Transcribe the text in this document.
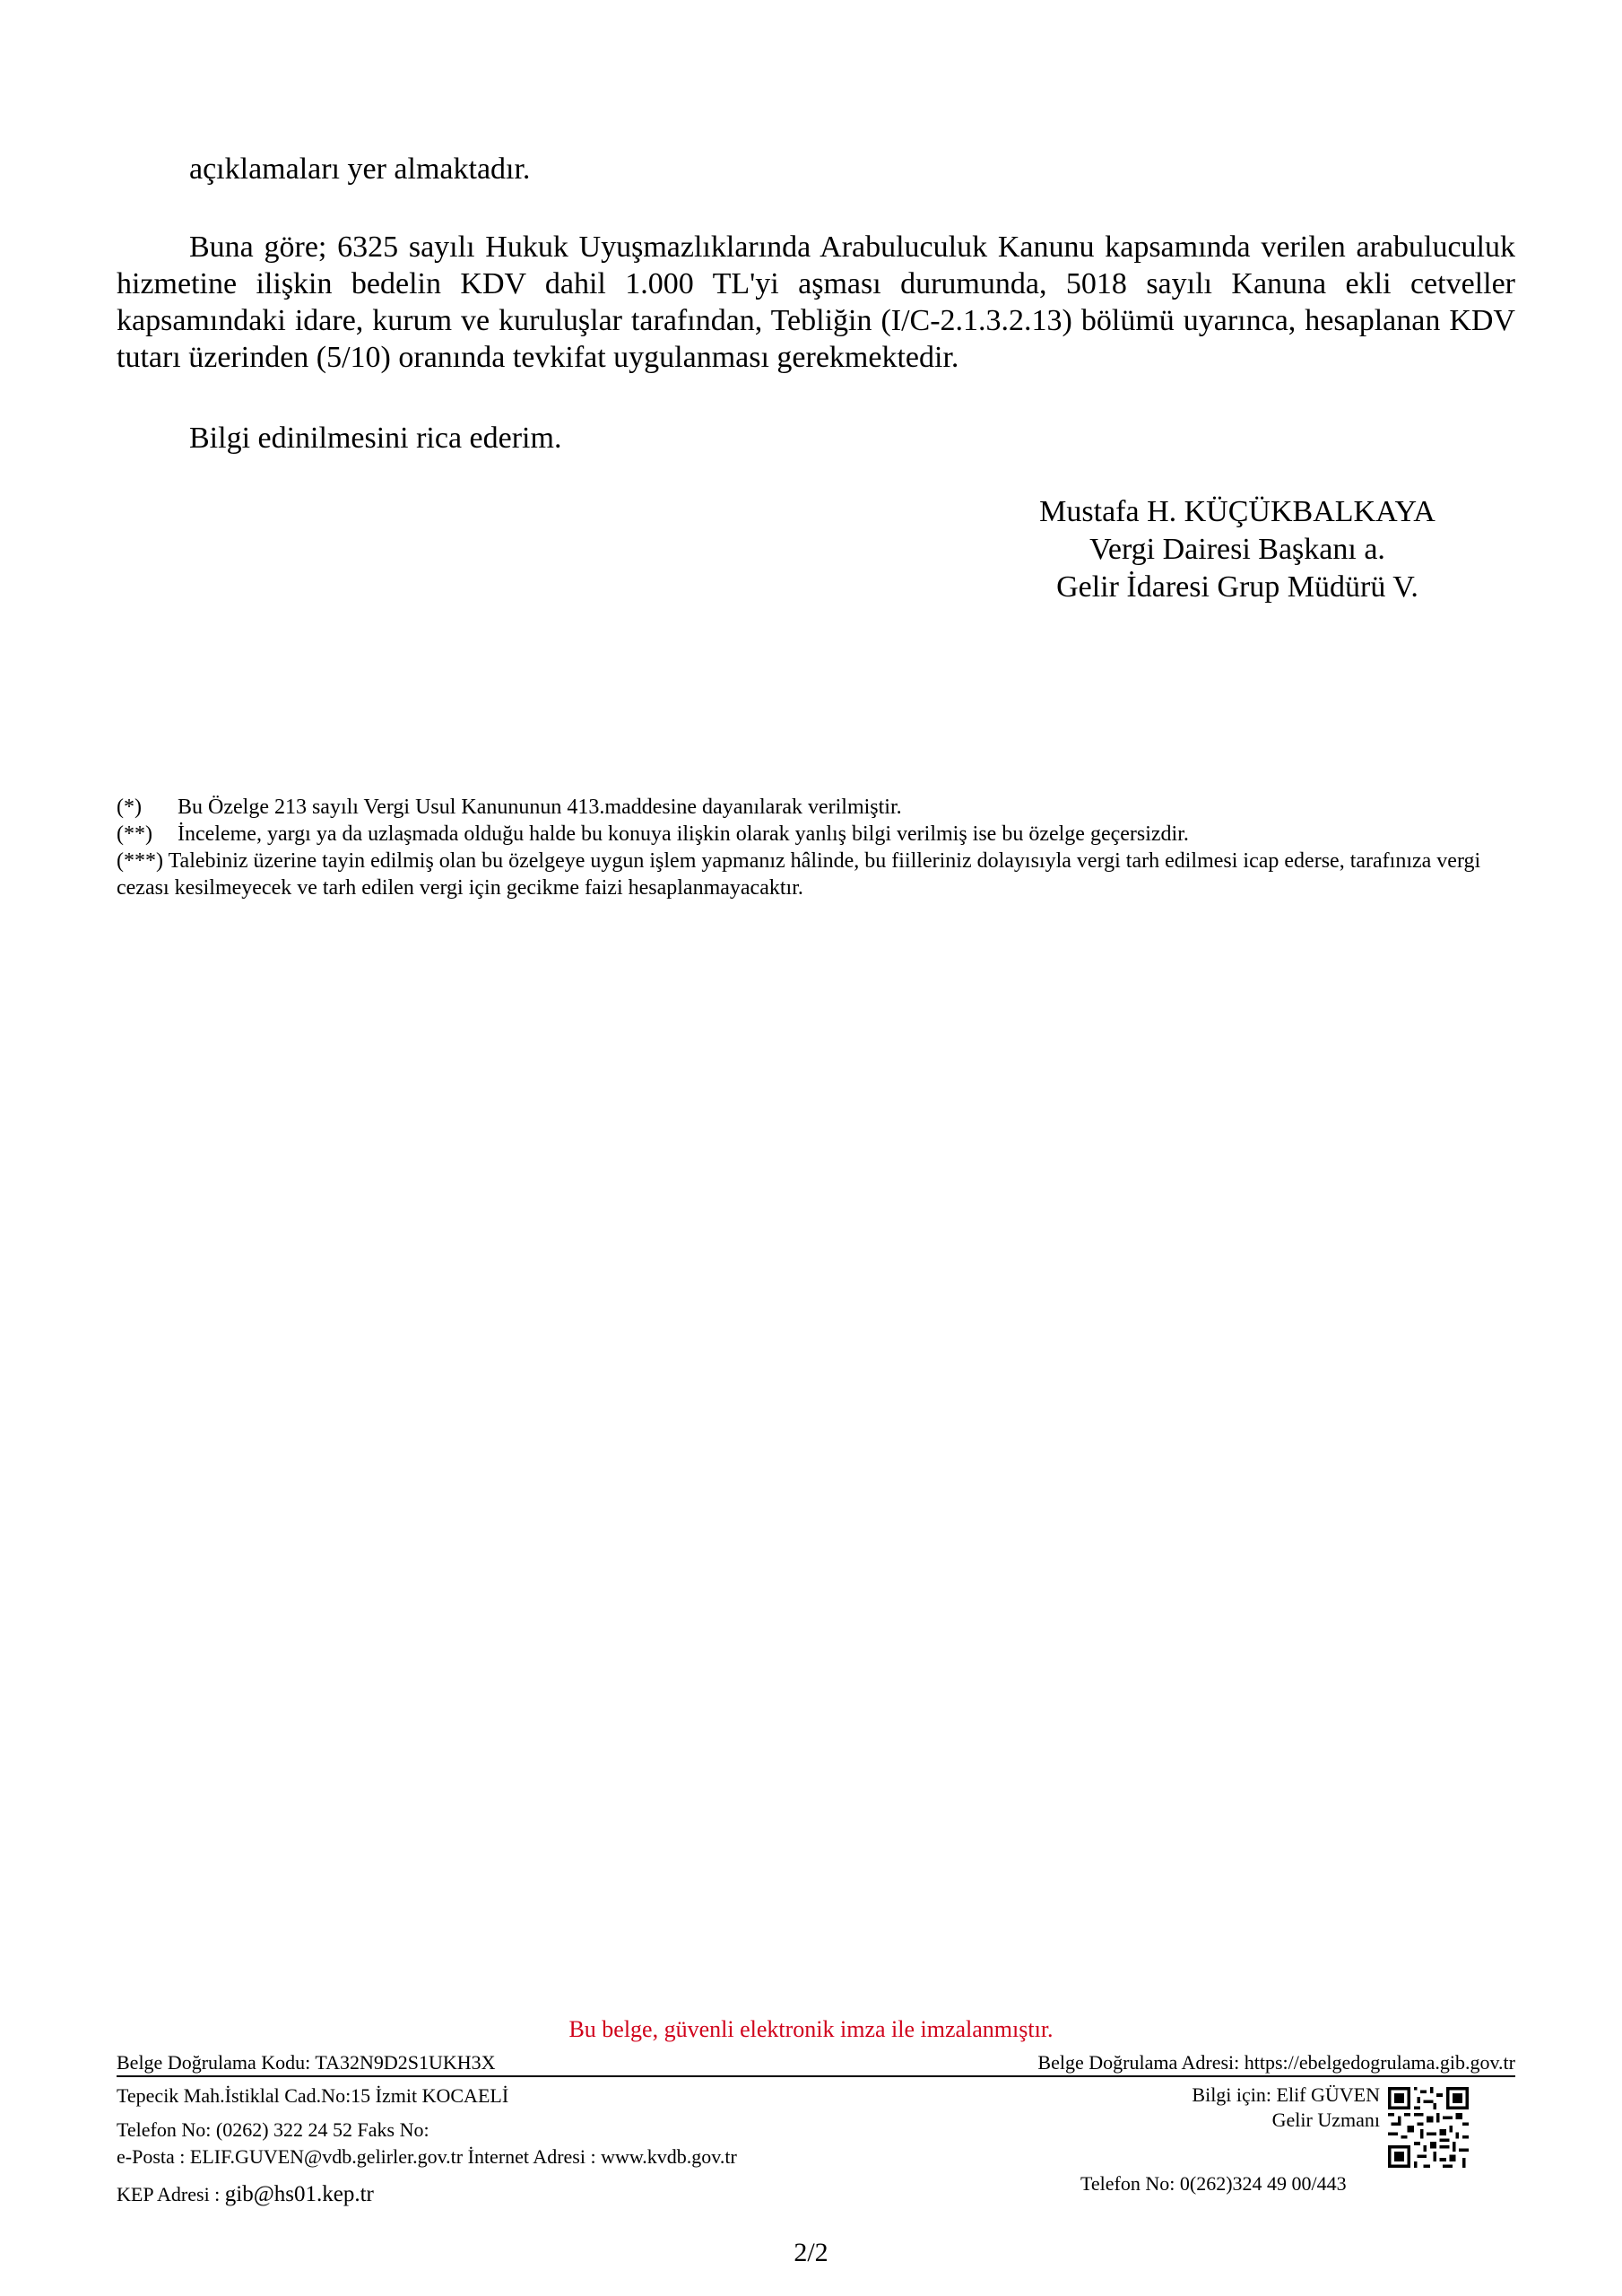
açıklamaları yer almaktadır.
Buna göre; 6325 sayılı Hukuk Uyuşmazlıklarında Arabuluculuk Kanunu kapsamında verilen arabuluculuk hizmetine ilişkin bedelin KDV dahil 1.000 TL'yi aşması durumunda, 5018 sayılı Kanuna ekli cetveller kapsamındaki idare, kurum ve kuruluşlar tarafından, Tebliğin (I/C-2.1.3.2.13) bölümü uyarınca, hesaplanan KDV tutarı üzerinden (5/10) oranında tevkifat uygulanması gerekmektedir.
Bilgi edinilmesini rica ederim.
Mustafa H. KÜÇÜKBALKAYA
Vergi Dairesi Başkanı a.
Gelir İdaresi Grup Müdürü V.
(*)	Bu Özelge 213 sayılı Vergi Usul Kanununun 413.maddesine dayanılarak verilmiştir.
(**)	İnceleme, yargı ya da uzlaşmada olduğu halde bu konuya ilişkin olarak yanlış bilgi verilmiş ise bu özelge geçersizdir.
(***) Talebiniz üzerine tayin edilmiş olan bu özelgeye uygun işlem yapmanız hâlinde, bu fiilleriniz dolayısıyla vergi tarh edilmesi icap ederse, tarafınıza vergi cezası kesilmeyecek ve tarh edilen vergi için gecikme faizi hesaplanmayacaktır.
Bu belge, güvenli elektronik imza ile imzalanmıştır.
Belge Doğrulama Kodu: TA32N9D2S1UKH3X	Belge Doğrulama Adresi: https://ebelgedogrulama.gib.gov.tr
Tepecik Mah.İstiklal Cad.No:15 İzmit KOCAELİ
Telefon No: (0262) 322 24 52 Faks No:
e-Posta : ELIF.GUVEN@vdb.gelirler.gov.tr İnternet Adresi : www.kvdb.gov.tr
KEP Adresi : gib@hs01.kep.tr
Bilgi için: Elif GÜVEN
Gelir Uzmanı
Telefon No: 0(262)324 49 00/443
2/2
